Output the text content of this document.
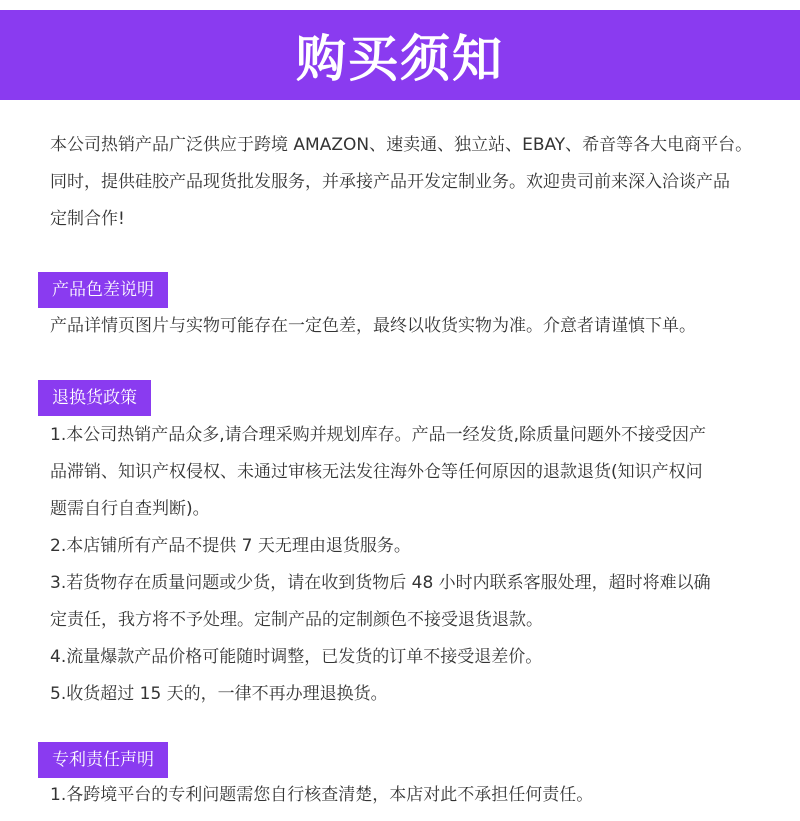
购买须知
本公司热销产品广泛供应于跨境 AMAZON、速卖通、独立站、EBAY、希音等各大电商平台。
同时，提供硅胶产品现货批发服务，并承接产品开发定制业务。欢迎贵司前来深入洽谈产品
定制合作!
产品色差说明
产品详情页图片与实物可能存在一定色差，最终以收货实物为准。介意者请谨慎下单。
退换货政策
1.本公司热销产品众多,请合理采购并规划库存。产品一经发货,除质量问题外不接受因产
品滞销、知识产权侵权、未通过审核无法发往海外仓等任何原因的退款退货(知识产权问
题需自行自查判断)。
2.本店铺所有产品不提供 7 天无理由退货服务。
3.若货物存在质量问题或少货，请在收到货物后 48 小时内联系客服处理，超时将难以确
定责任，我方将不予处理。定制产品的定制颜色不接受退货退款。
4.流量爆款产品价格可能随时调整，已发货的订单不接受退差价。
5.收货超过 15 天的，一律不再办理退换货。
专利责任声明
1.各跨境平台的专利问题需您自行核查清楚，本店对此不承担任何责任。
